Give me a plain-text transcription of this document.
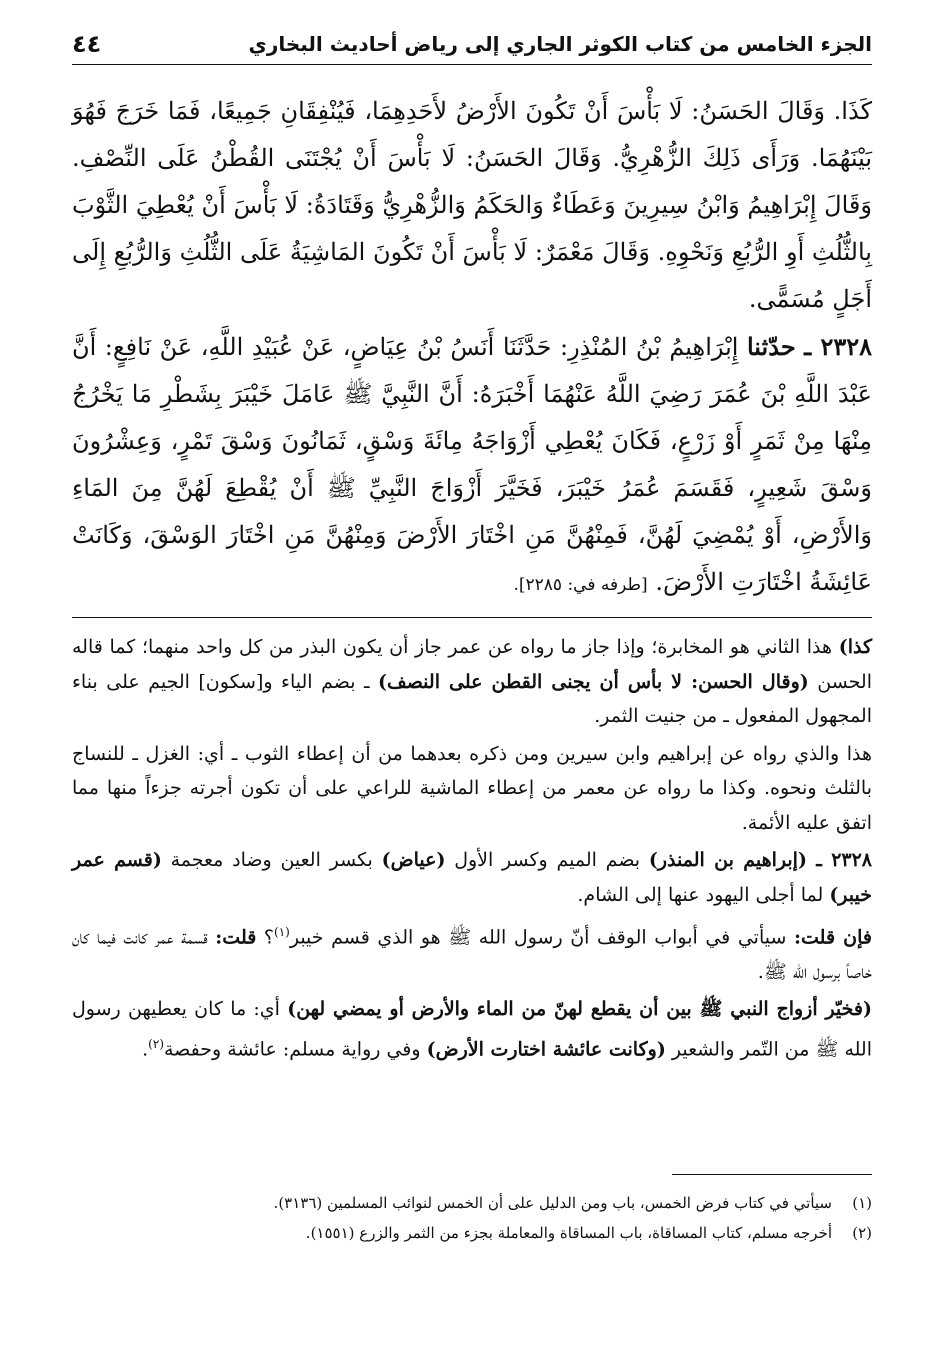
الجزء الخامس من كتاب الكوثر الجاري إلى رياض أحاديث البخاري
٤٤

كَذَا. وَقَالَ الحَسَنُ: لَا بَأْسَ أَنْ تَكُونَ الأَرْضُ لأَحَدِهِمَا، فَيُنْفِقَانِ جَمِيعًا، فَمَا خَرَجَ فَهُوَ بَيْنَهُمَا. وَرَأَى ذَلِكَ الزُّهْرِيُّ. وَقَالَ الحَسَنُ: لَا بَأْسَ أَنْ يُجْتَنَى القُطْنُ عَلَى النِّصْفِ. وَقَالَ إِبْرَاهِيمُ وَابْنُ سِيرِينَ وَعَطَاءٌ وَالحَكَمُ وَالزُّهْرِيُّ وَقَتَادَةُ: لَا بَأْسَ أَنْ يُعْطِيَ الثَّوْبَ بِالثُّلُثِ أَوِ الرُّبُعِ وَنَحْوِهِ. وَقَالَ مَعْمَرٌ: لَا بَأْسَ أَنْ تَكُونَ المَاشِيَةُ عَلَى الثُّلُثِ وَالرُّبُعِ إِلَى أَجَلٍ مُسَمًّى.

٢٣٢٨ ـ حدّثنا إِبْرَاهِيمُ بْنُ المُنْذِرِ: حَدَّثَنَا أَنَسُ بْنُ عِيَاضٍ، عَنْ عُبَيْدِ اللَّهِ، عَنْ نَافِعٍ: أَنَّ عَبْدَ اللَّهِ بْنَ عُمَرَ رَضِيَ اللَّهُ عَنْهُمَا أَخْبَرَهُ: أَنَّ النَّبِيَّ ﷺ عَامَلَ خَيْبَرَ بِشَطْرِ مَا يَخْرُجُ مِنْهَا مِنْ ثَمَرٍ أَوْ زَرْعٍ، فَكَانَ يُعْطِي أَزْوَاجَهُ مِائَةَ وَسْقٍ، ثَمَانُونَ وَسْقَ تَمْرٍ، وَعِشْرُونَ وَسْقَ شَعِيرٍ، فَقَسَمَ عُمَرُ خَيْبَرَ، فَخَيَّرَ أَزْوَاجَ النَّبِيِّ ﷺ أَنْ يُقْطِعَ لَهُنَّ مِنَ المَاءِ وَالأَرْضِ، أَوْ يُمْضِيَ لَهُنَّ، فَمِنْهُنَّ مَنِ اخْتَارَ الأَرْضَ وَمِنْهُنَّ مَنِ اخْتَارَ الوَسْقَ، وَكَانَتْ عَائِشَةُ اخْتَارَتِ الأَرْضَ. [طرفه في: ٢٢٨٥].

كذا) هذا الثاني هو المخابرة؛ وإذا جاز ما رواه عن عمر جاز أن يكون البذر من كل واحد منهما؛ كما قاله الحسن (وقال الحسن: لا بأس أن يجنى القطن على النصف) ـ بضم الياء و[سكون] الجيم على بناء المجهول المفعول ـ من جنيت الثمر.

هذا والذي رواه عن إبراهيم وابن سيرين ومن ذكره بعدهما من أن إعطاء الثوب ـ أي: الغزل ـ للنساج بالثلث ونحوه. وكذا ما رواه عن معمر من إعطاء الماشية للراعي على أن تكون أجرته جزءاً منها مما اتفق عليه الأئمة.

٢٣٢٨ ـ (إبراهيم بن المنذر) بضم الميم وكسر الأول (عياض) بكسر العين وضاد معجمة (قسم عمر خيبر) لما أجلى اليهود عنها إلى الشام.

فإن قلت: سيأتي في أبواب الوقف أنّ رسول الله ﷺ هو الذي قسم خيبر$^{(١)}$؟ قلت: قسمة عمر كانت فيما كان خاصاً برسول الله ﷺ.

(فخيّر أزواج النبي ﷺ بين أن يقطع لهنّ من الماء والأرض أو يمضي لهن) أي: ما كان يعطيهن رسول الله ﷺ من التّمر والشعير (وكانت عائشة اختارت الأرض) وفي رواية مسلم: عائشة وحفصة$^{(٢)}$.

(١)
سيأتي في كتاب فرض الخمس، باب ومن الدليل على أن الخمس لنوائب المسلمين (٣١٣٦).
(٢)
أخرجه مسلم، كتاب المساقاة، باب المساقاة والمعاملة بجزء من الثمر والزرع (١٥٥١).
